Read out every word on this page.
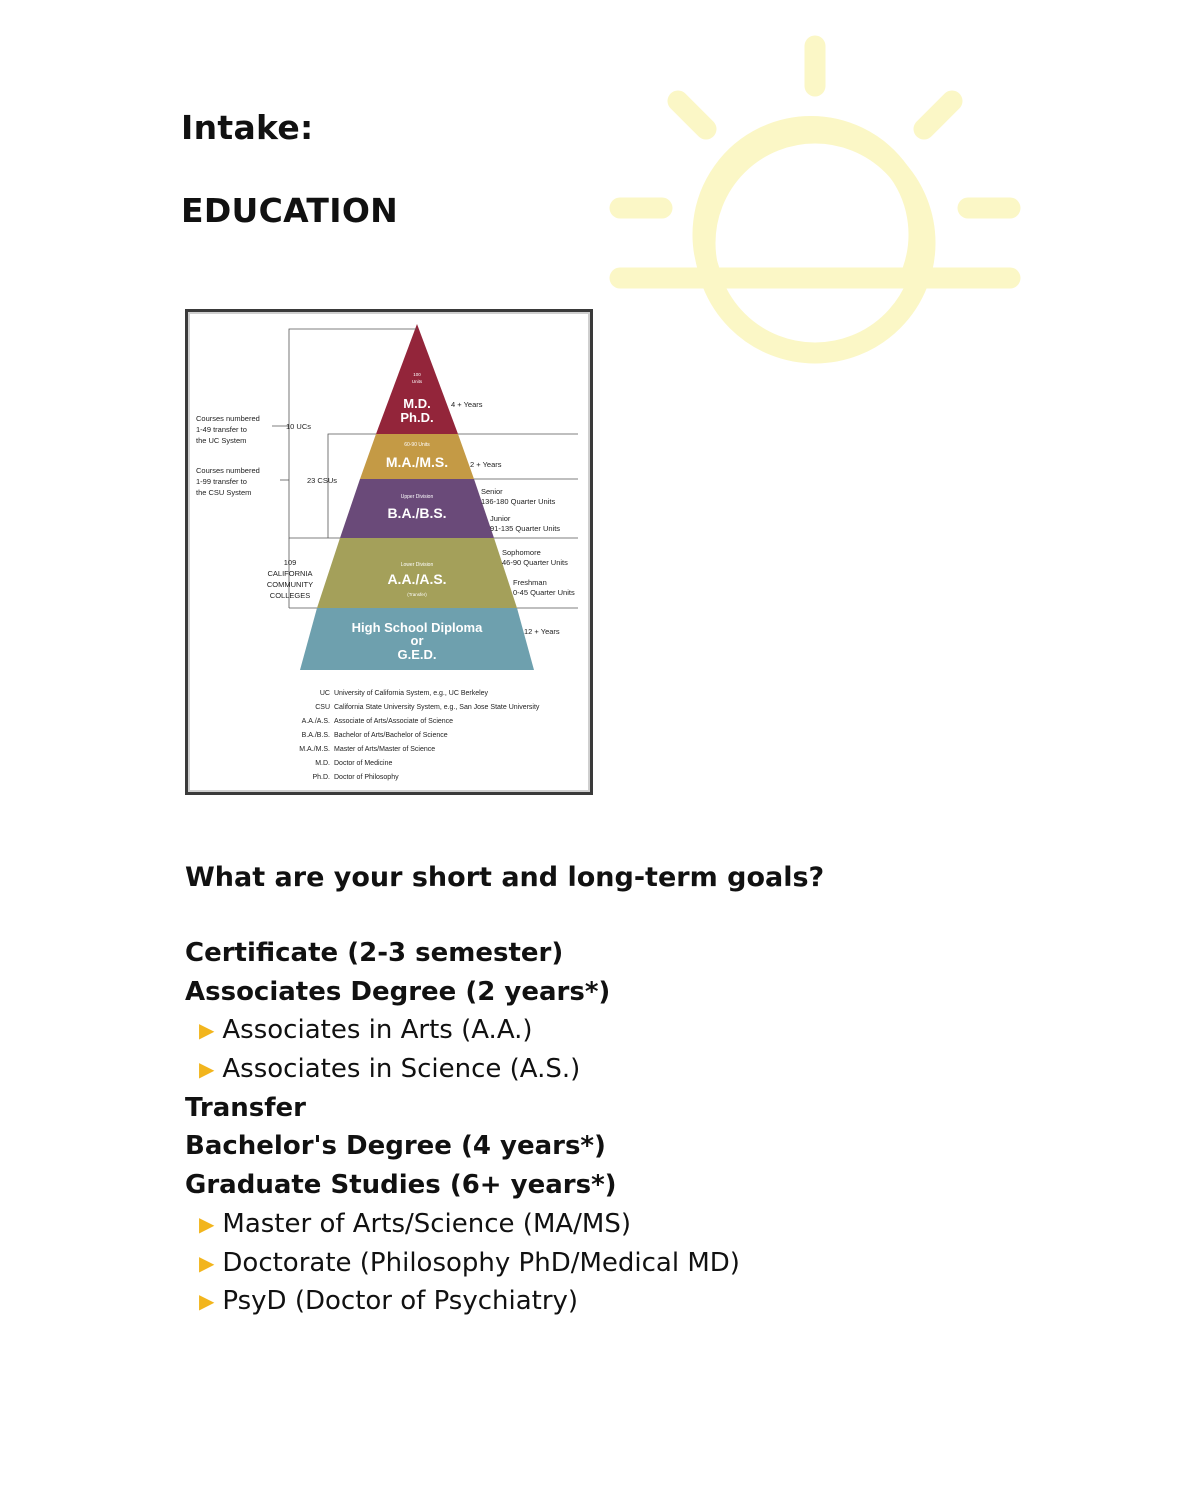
Intake:
EDUCATION
100 Units
M.D. Ph.D.
60-90 Units
M.A./M.S.
Upper Division
B.A./B.S.
Lower Division
A.A./A.S.
(Transfer)
High School Diploma or G.E.D.
4 + Years
2 + Years
Senior 136-180 Quarter Units
Junior 91-135 Quarter Units
Sophomore 46-90 Quarter Units
Freshman 0-45 Quarter Units
12 + Years
10 UCs
23 CSUs
109 CALIFORNIA COMMUNITY COLLEGES
Courses numbered 1-49 transfer to the UC System
Courses numbered 1-99 transfer to the CSU System
UC University of California System, e.g., UC Berkeley
CSU California State University System, e.g., San Jose State University
A.A./A.S. Associate of Arts/Associate of Science
B.A./B.S. Bachelor of Arts/Bachelor of Science
M.A./M.S. Master of Arts/Master of Science
M.D. Doctor of Medicine
Ph.D. Doctor of Philosophy
What are your short and long-term goals?
Certificate (2-3 semester)
Associates Degree (2 years*)
▶ Associates in Arts (A.A.)
▶ Associates in Science (A.S.)
Transfer
Bachelor's Degree (4 years*)
Graduate Studies (6+ years*)
▶ Master of Arts/Science (MA/MS)
▶ Doctorate (Philosophy PhD/Medical MD)
▶ PsyD (Doctor of Psychiatry)
